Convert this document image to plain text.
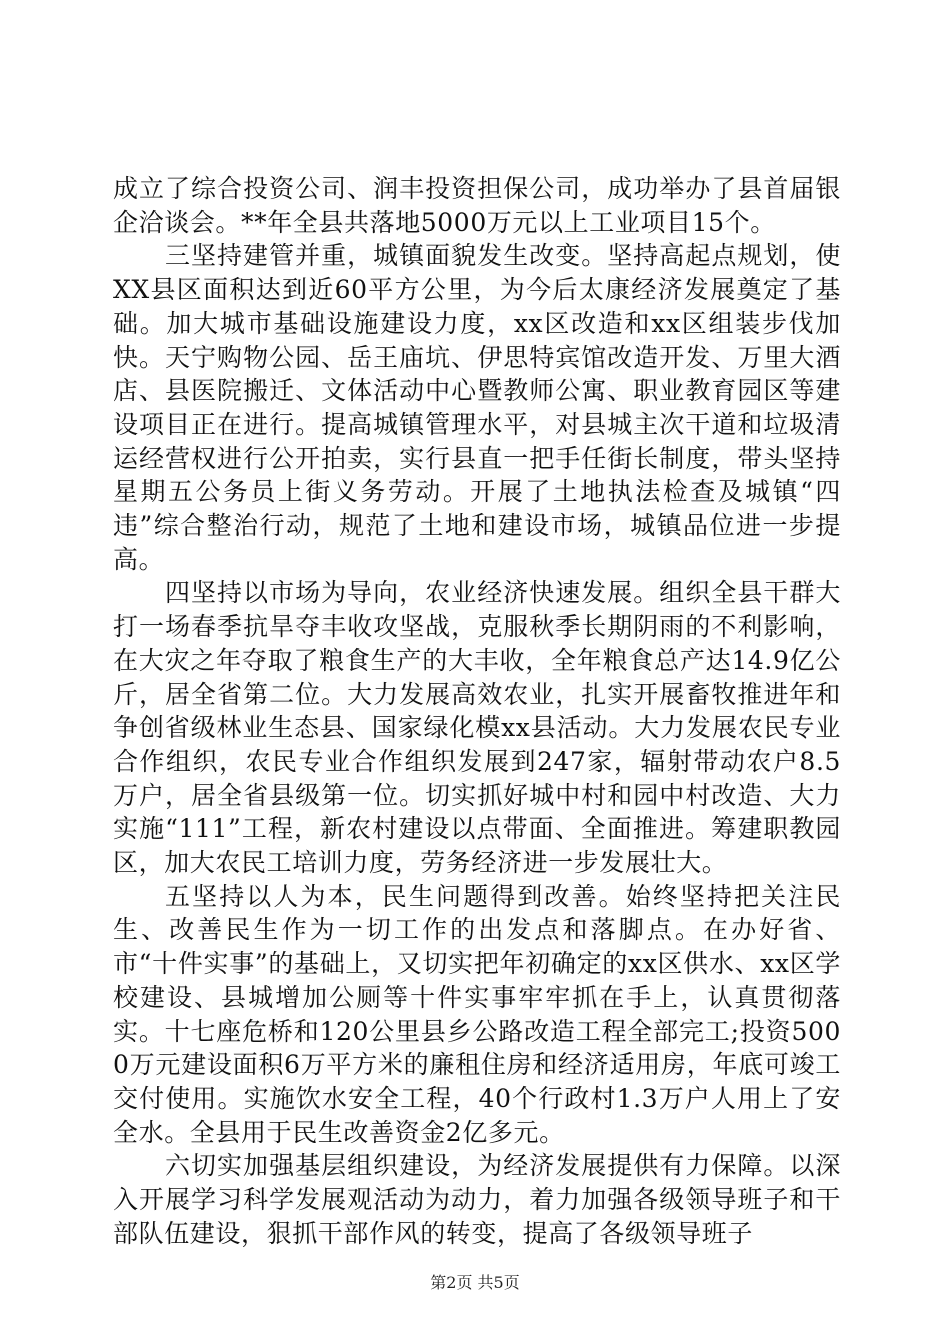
成立了综合投资公司、润丰投资担保公司，成功举办了县首届银企洽谈会。**年全县共落地5000万元以上工业项目15个。

三坚持建管并重，城镇面貌发生改变。坚持高起点规划，使XX县区面积达到近60平方公里，为今后太康经济发展奠定了基础。加大城市基础设施建设力度，xx区改造和xx区组装步伐加快。天宁购物公园、岳王庙坑、伊思特宾馆改造开发、万里大酒店、县医院搬迁、文体活动中心暨教师公寓、职业教育园区等建设项目正在进行。提高城镇管理水平，对县城主次干道和垃圾清运经营权进行公开拍卖，实行县直一把手任街长制度，带头坚持星期五公务员上街义务劳动。开展了土地执法检查及城镇“四违”综合整治行动，规范了土地和建设市场，城镇品位进一步提高。

四坚持以市场为导向，农业经济快速发展。组织全县干群大打一场春季抗旱夺丰收攻坚战，克服秋季长期阴雨的不利影响，在大灾之年夺取了粮食生产的大丰收，全年粮食总产达14.9亿公斤，居全省第二位。大力发展高效农业，扎实开展畜牧推进年和争创省级林业生态县、国家绿化模xx县活动。大力发展农民专业合作组织，农民专业合作组织发展到247家，辐射带动农户8.5万户，居全省县级第一位。切实抓好城中村和园中村改造、大力实施“111”工程，新农村建设以点带面、全面推进。筹建职教园区，加大农民工培训力度，劳务经济进一步发展壮大。

五坚持以人为本，民生问题得到改善。始终坚持把关注民生、改善民生作为一切工作的出发点和落脚点。在办好省、市“十件实事”的基础上，又切实把年初确定的xx区供水、xx区学校建设、县城增加公厕等十件实事牢牢抓在手上，认真贯彻落实。十七座危桥和120公里县乡公路改造工程全部完工;投资5000万元建设面积6万平方米的廉租住房和经济适用房，年底可竣工交付使用。实施饮水安全工程，40个行政村1.3万户人用上了安全水。全县用于民生改善资金2亿多元。

六切实加强基层组织建设，为经济发展提供有力保障。以深入开展学习科学发展观活动为动力，着力加强各级领导班子和干部队伍建设，狠抓干部作风的转变，提高了各级领导班子

第2页 共5页
